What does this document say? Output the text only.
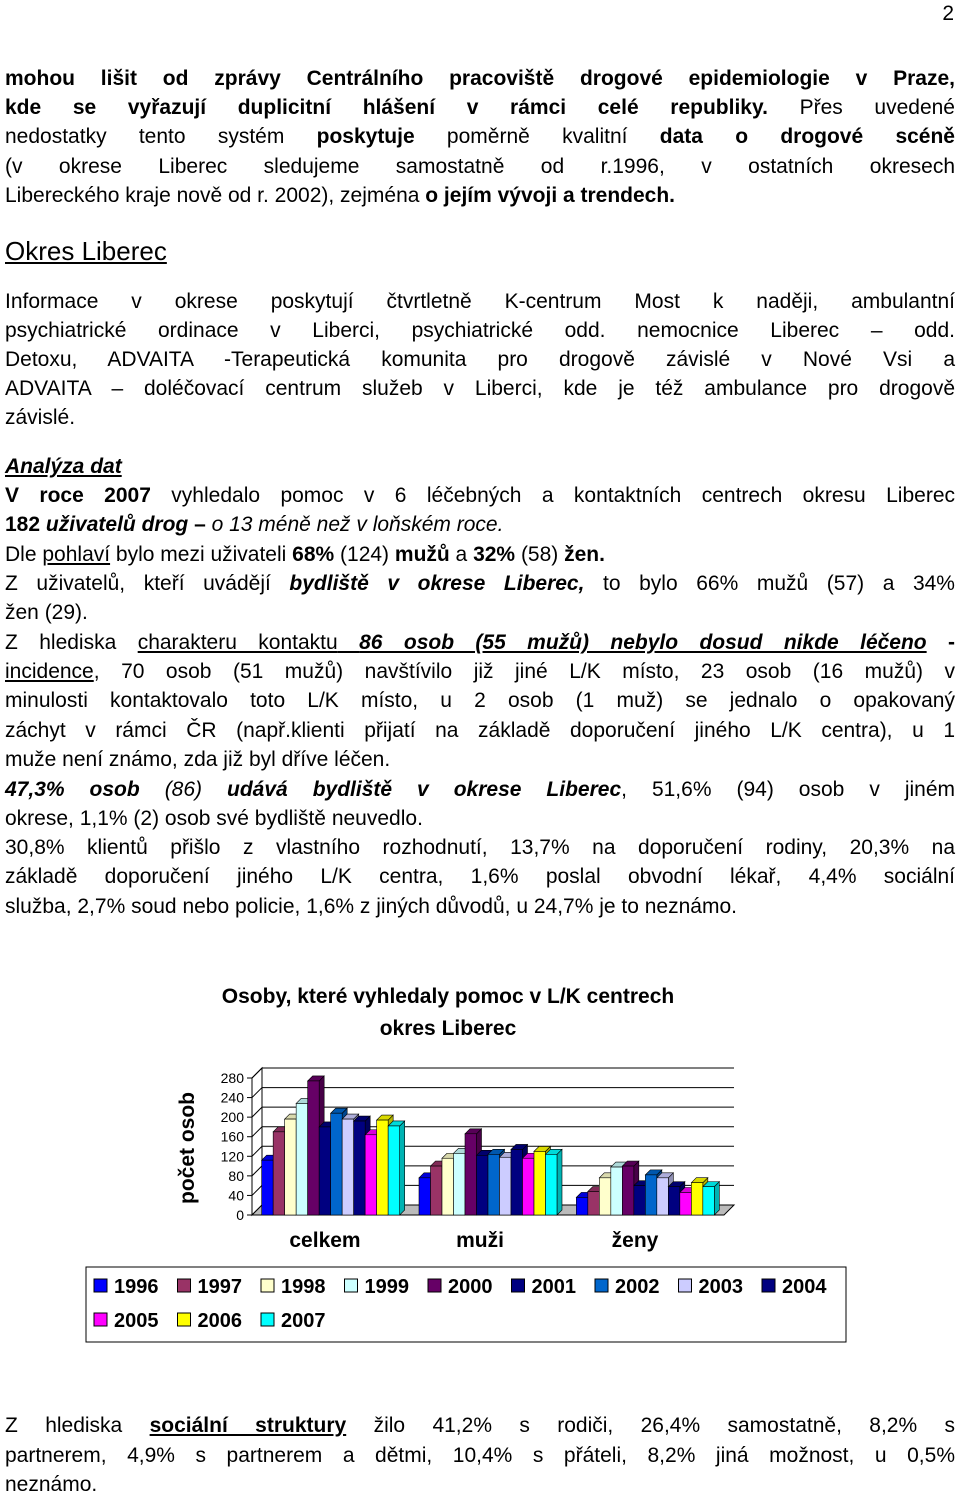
2
mohou lišit od zprávy Centrálního pracoviště drogové epidemiologie v Praze,
kde se vyřazují duplicitní hlášení v rámci celé republiky. Přes uvedené
nedostatky tento systém poskytuje poměrně kvalitní data o drogové scéně
(v okrese Liberec sledujeme samostatně od r.1996, v ostatních okresech
Libereckého kraje nově od r. 2002), zejména o jejím vývoji a trendech.
Okres Liberec
Informace v okrese poskytují čtvrtletně K-centrum Most k naději, ambulantní
psychiatrické ordinace v Liberci, psychiatrické odd. nemocnice Liberec – odd.
Detoxu, ADVAITA -Terapeutická komunita pro drogově závislé v Nové Vsi a
ADVAITA – doléčovací centrum služeb v Liberci, kde je též ambulance pro drogově
závislé.
Analýza dat
V roce 2007 vyhledalo pomoc v 6 léčebných a kontaktních centrech okresu Liberec
182 uživatelů drog – o 13 méně než v loňském roce.
Dle pohlaví bylo mezi uživateli 68% (124) mužů a 32% (58) žen.
Z uživatelů, kteří uvádějí bydliště v okrese Liberec, to bylo 66% mužů (57) a 34%
žen (29).
Z hlediska charakteru kontaktu 86 osob (55 mužů) nebylo dosud nikde léčeno -
incidence, 70 osob (51 mužů) navštívilo již jiné L/K místo, 23 osob (16 mužů) v
minulosti kontaktovalo toto L/K místo, u 2 osob (1 muž) se jednalo o opakovaný
záchyt v rámci ČR (např.klienti přijatí na základě doporučení jiného L/K centra), u 1
muže není známo, zda již byl dříve léčen.
47,3% osob (86) udává bydliště v okrese Liberec, 51,6% (94) osob v jiném
okrese, 1,1% (2) osob své bydliště neuvedlo.
30,8% klientů přišlo z vlastního rozhodnutí, 13,7% na doporučení rodiny, 20,3% na
základě doporučení jiného L/K centra, 1,6% poslal obvodní lékař, 4,4% sociální
služba, 2,7% soud nebo policie, 1,6% z jiných důvodů, u 24,7% je to neznámo.
Osoby, které vyhledaly pomoc v L/K centrech
okres Liberec
0
40
80
120
160
200
240
280
počet osob
celkem	muži	ženy
1996 1997 1998 1999 2000 2001 2002 2003 2004
2005 2006 2007
Z hlediska sociální struktury žilo 41,2% s rodiči, 26,4% samostatně, 8,2% s
partnerem, 4,9% s partnerem a dětmi, 10,4% s přáteli, 8,2% jiná možnost, u 0,5%
neznámo.
